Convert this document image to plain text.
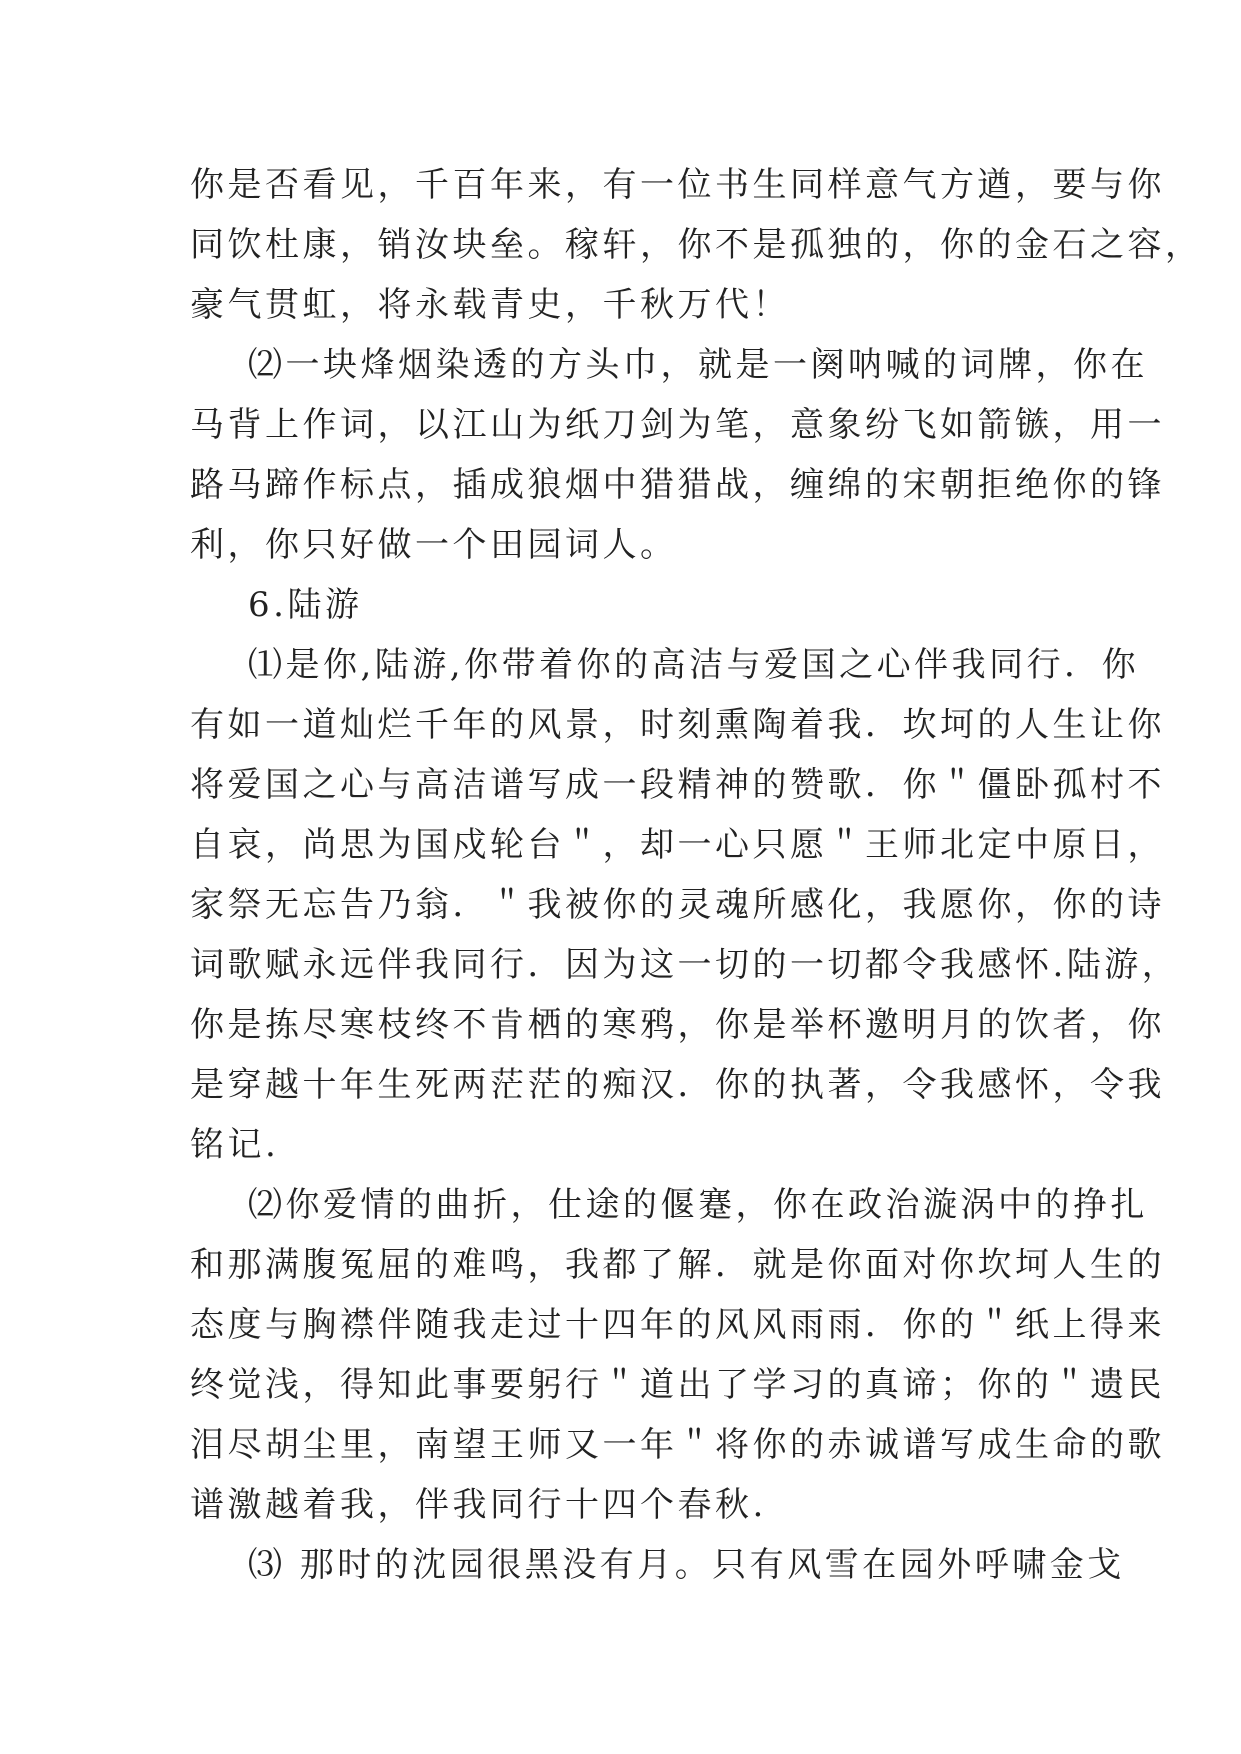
你是否看见，千百年来，有一位书生同样意气方遒，要与你
同饮杜康，销汝块垒。稼轩，你不是孤独的，你的金石之容，
豪气贯虹，将永载青史，千秋万代！

⑵一块烽烟染透的方头巾，就是一阕呐喊的词牌，你在
马背上作词，以江山为纸刀剑为笔，意象纷飞如箭镞，用一
路马蹄作标点，插成狼烟中猎猎战，缠绵的宋朝拒绝你的锋
利，你只好做一个田园词人。

6.陆游

⑴是你,陆游,你带着你的高洁与爱国之心伴我同行．你
有如一道灿烂千年的风景，时刻熏陶着我．坎坷的人生让你
将爱国之心与高洁谱写成一段精神的赞歌．你＂僵卧孤村不
自哀，尚思为国戍轮台＂，却一心只愿＂王师北定中原日，
家祭无忘告乃翁．＂我被你的灵魂所感化，我愿你，你的诗
词歌赋永远伴我同行．因为这一切的一切都令我感怀.陆游，
你是拣尽寒枝终不肯栖的寒鸦，你是举杯邀明月的饮者，你
是穿越十年生死两茫茫的痴汉．你的执著，令我感怀，令我
铭记.

⑵你爱情的曲折，仕途的偃蹇，你在政治漩涡中的挣扎
和那满腹冤屈的难鸣，我都了解．就是你面对你坎坷人生的
态度与胸襟伴随我走过十四年的风风雨雨．你的＂纸上得来
终觉浅，得知此事要躬行＂道出了学习的真谛；你的＂遗民
泪尽胡尘里，南望王师又一年＂将你的赤诚谱写成生命的歌
谱激越着我，伴我同行十四个春秋.

⑶ 那时的沈园很黑没有月。只有风雪在园外呼啸金戈
